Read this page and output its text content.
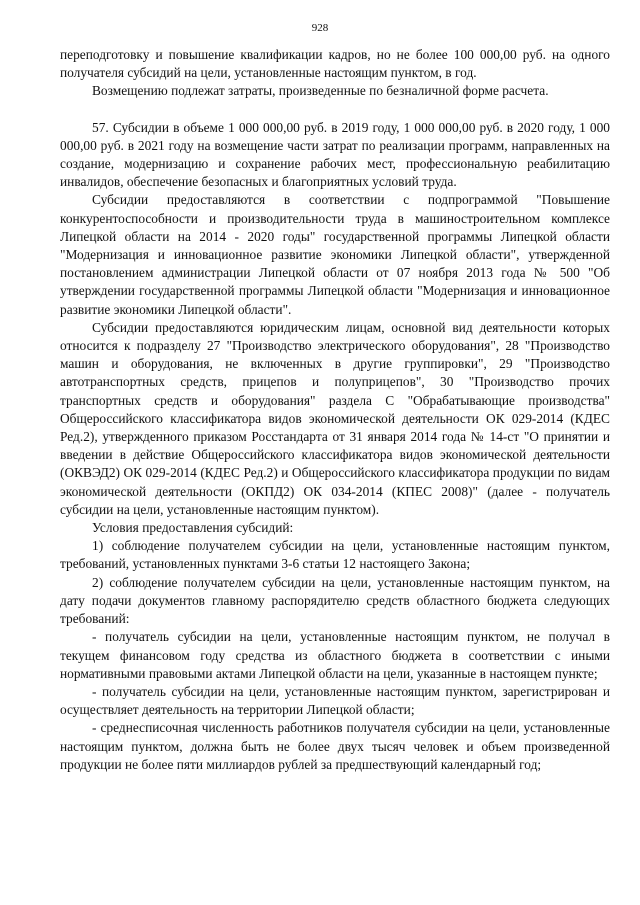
928

переподготовку и повышение квалификации кадров, но не более 100 000,00 руб. на одного получателя субсидий на цели, установленные настоящим пунктом, в год.

Возмещению подлежат затраты, произведенные по безналичной форме расчета.

57. Субсидии в объеме 1 000 000,00 руб. в 2019 году, 1 000 000,00 руб. в 2020 году, 1 000 000,00 руб. в 2021 году на возмещение части затрат по реализации программ, направленных на создание, модернизацию и сохранение рабочих мест, профессиональную реабилитацию инвалидов, обеспечение безопасных и благоприятных условий труда.

Субсидии предоставляются в соответствии с подпрограммой "Повышение конкурентоспособности и производительности труда в машиностроительном комплексе Липецкой области на 2014 - 2020 годы" государственной программы Липецкой области "Модернизация и инновационное развитие экономики Липецкой области", утвержденной постановлением администрации Липецкой области от 07 ноября 2013 года № 500 "Об утверждении государственной программы Липецкой области "Модернизация и инновационное развитие экономики Липецкой области".

Субсидии предоставляются юридическим лицам, основной вид деятельности которых относится к подразделу 27 "Производство электрического оборудования", 28 "Производство машин и оборудования, не включенных в другие группировки", 29 "Производство автотранспортных средств, прицепов и полуприцепов", 30 "Производство прочих транспортных средств и оборудования" раздела С "Обрабатывающие производства" Общероссийского классификатора видов экономической деятельности ОК 029-2014 (КДЕС Ред.2), утвержденного приказом Росстандарта от 31 января 2014 года № 14-ст "О принятии и введении в действие Общероссийского классификатора видов экономической деятельности (ОКВЭД2) ОК 029-2014 (КДЕС Ред.2) и Общероссийского классификатора продукции по видам экономической деятельности (ОКПД2) ОК 034-2014 (КПЕС 2008)" (далее - получатель субсидии на цели, установленные настоящим пунктом).

Условия предоставления субсидий:

1) соблюдение получателем субсидии на цели, установленные настоящим пунктом, требований, установленных пунктами 3-6 статьи 12 настоящего Закона;

2) соблюдение получателем субсидии на цели, установленные настоящим пунктом, на дату подачи документов главному распорядителю средств областного бюджета следующих требований:

- получатель субсидии на цели, установленные настоящим пунктом, не получал в текущем финансовом году средства из областного бюджета в соответствии с иными нормативными правовыми актами Липецкой области на цели, указанные в настоящем пункте;

- получатель субсидии на цели, установленные настоящим пунктом, зарегистрирован и осуществляет деятельность на территории Липецкой области;

- среднесписочная численность работников получателя субсидии на цели, установленные настоящим пунктом, должна быть не более двух тысяч человек и объем произведенной продукции не более пяти миллиардов рублей за предшествующий календарный год;
